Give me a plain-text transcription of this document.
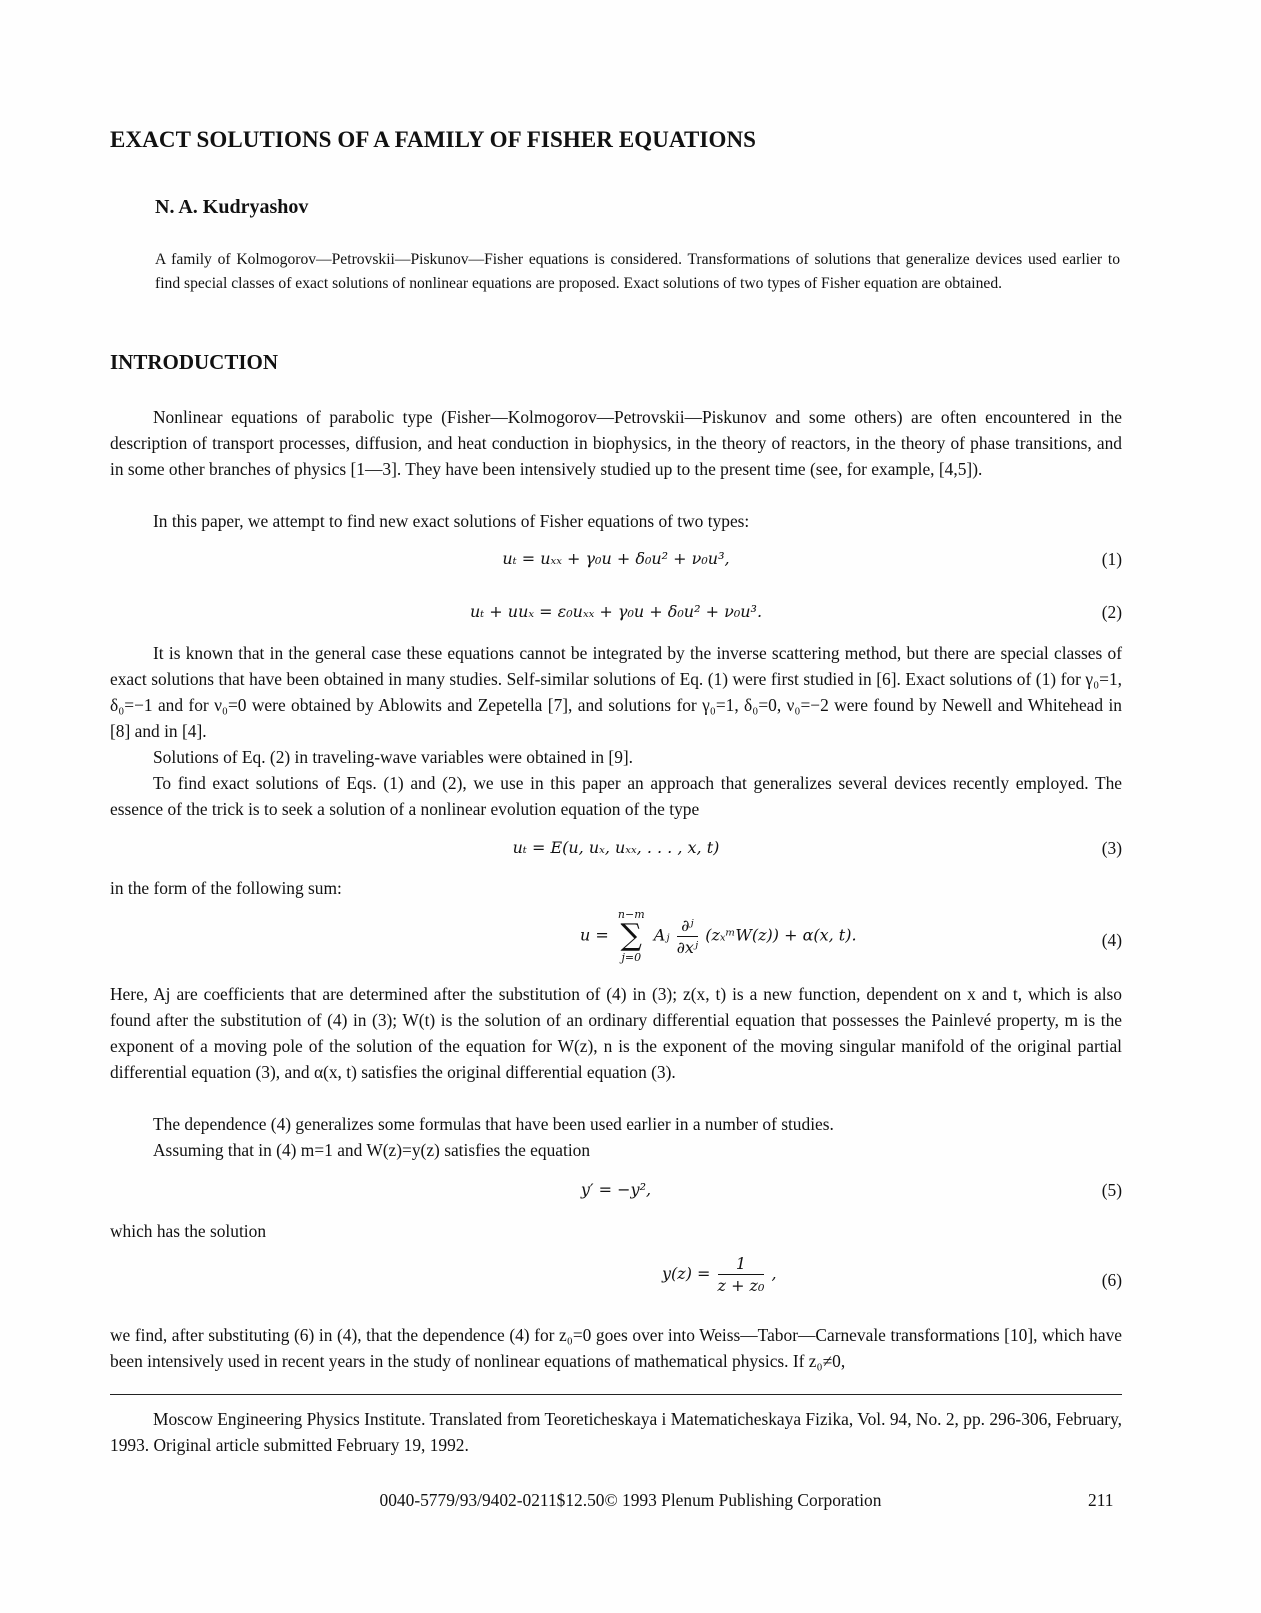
EXACT SOLUTIONS OF A FAMILY OF FISHER EQUATIONS
N. A. Kudryashov

A family of Kolmogorov—Petrovskii—Piskunov—Fisher equations is considered. Transformations of solutions that generalize devices used earlier to find special classes of exact solutions of nonlinear equations are proposed. Exact solutions of two types of Fisher equation are obtained.

INTRODUCTION

Nonlinear equations of parabolic type (Fisher—Kolmogorov—Petrovskii—Piskunov and some others) are often encountered in the description of transport processes, diffusion, and heat conduction in biophysics, in the theory of reactors, in the theory of phase transitions, and in some other branches of physics [1—3]. They have been intensively studied up to the present time (see, for example, [4,5]).

In this paper, we attempt to find new exact solutions of Fisher equations of two types:

uₜ = uₓₓ + γ₀u + δ₀u² + ν₀u³,	(1)
uₜ + uuₓ = ε₀uₓₓ + γ₀u + δ₀u² + ν₀u³.	(2)

It is known that in the general case these equations cannot be integrated by the inverse scattering method, but there are special classes of exact solutions that have been obtained in many studies. Self-similar solutions of Eq. (1) were first studied in [6]. Exact solutions of (1) for γ₀=1, δ₀=−1 and for ν₀=0 were obtained by Ablowits and Zepetella [7], and solutions for γ₀=1, δ₀=0, ν₀=−2 were found by Newell and Whitehead in [8] and in [4].

Solutions of Eq. (2) in traveling-wave variables were obtained in [9].

To find exact solutions of Eqs. (1) and (2), we use in this paper an approach that generalizes several devices recently employed. The essence of the trick is to seek a solution of a nonlinear evolution equation of the type

uₜ = E(u, uₓ, uₓₓ, . . . , x, t)	(3)

in the form of the following sum:

u =
n−m
∑
j=0
Aⱼ $\frac{\text{∂ʲ}}{\text{∂xʲ}}$ (zₓᵐW(z)) + α(x, t).	(4)

Here, Aj are coefficients that are determined after the substitution of (4) in (3); z(x, t) is a new function, dependent on x and t, which is also found after the substitution of (4) in (3); W(t) is the solution of an ordinary differential equation that possesses the Painlevé property, m is the exponent of a moving pole of the solution of the equation for W(z), n is the exponent of the moving singular manifold of the original partial differential equation (3), and α(x, t) satisfies the original differential equation (3).

The dependence (4) generalizes some formulas that have been used earlier in a number of studies.

Assuming that in (4) m=1 and W(z)=y(z) satisfies the equation

y′ = −y²,	(5)

which has the solution

$y(z) = \frac{1}{\text{z + z₀}}$ ,	(6)

we find, after substituting (6) in (4), that the dependence (4) for z₀=0 goes over into Weiss—Tabor—Carnevale transformations [10], which have been intensively used in recent years in the study of nonlinear equations of mathematical physics. If z₀≠0,

Moscow Engineering Physics Institute. Translated from Teoreticheskaya i Matematicheskaya Fizika, Vol. 94, No. 2, pp. 296-306, February, 1993. Original article submitted February 19, 1992.

0040-5779/93/9402-0211$12.50© 1993 Plenum Publishing Corporation	211
